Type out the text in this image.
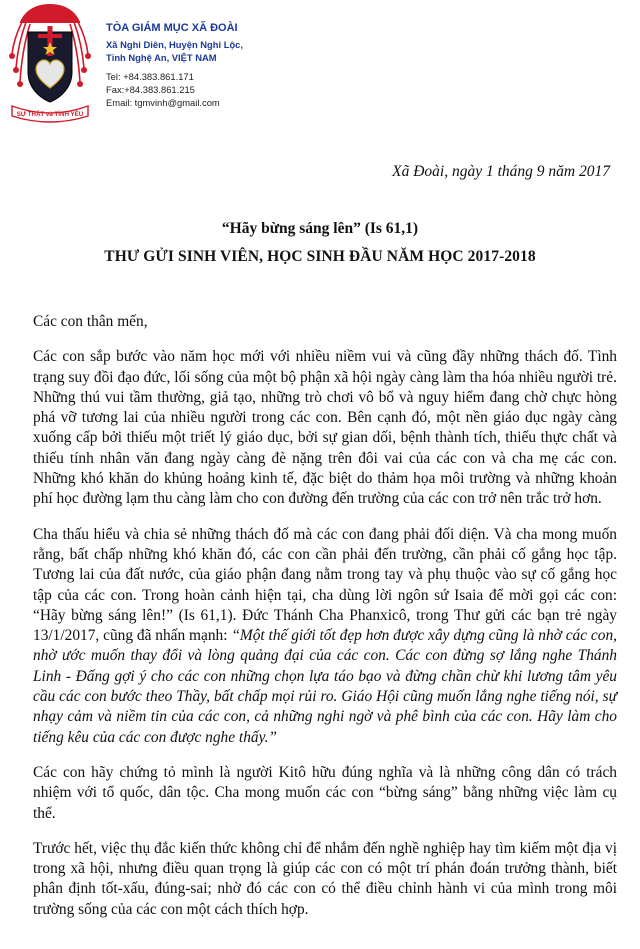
SỰ THẬT và TÌNH YÊU
TÒA GIÁM MỤC XÃ ĐOÀI
Xã Nghi Diên, Huyện Nghi Lộc,
Tỉnh Nghệ An, VIỆT NAM
Tel: +84.383.861.171
Fax:+84.383.861.215
Email: tgmvinh@gmail.com
Xã Đoài, ngày 1 tháng 9 năm 2017
“Hãy bừng sáng lên” (Is 61,1)
THƯ GỬI SINH VIÊN, HỌC SINH ĐẦU NĂM HỌC 2017-2018

Các con thân mến,

Các con sắp bước vào năm học mới với nhiều niềm vui và cũng đầy những thách đố. Tình trạng suy đồi đạo đức, lối sống của một bộ phận xã hội ngày càng làm tha hóa nhiều người trẻ. Những thú vui tầm thường, giả tạo, những trò chơi vô bổ và nguy hiểm đang chờ chực hòng phá vỡ tương lai của nhiều người trong các con. Bên cạnh đó, một nền giáo dục ngày càng xuống cấp bởi thiếu một triết lý giáo dục, bởi sự gian dối, bệnh thành tích, thiếu thực chất và thiếu tính nhân văn đang ngày càng đè nặng trên đôi vai của các con và cha mẹ các con. Những khó khăn do khủng hoảng kinh tế, đặc biệt do thảm họa môi trường và những khoản phí học đường lạm thu càng làm cho con đường đến trường của các con trở nên trắc trở hơn.

Cha thấu hiểu và chia sẻ những thách đố mà các con đang phải đối diện. Và cha mong muốn rằng, bất chấp những khó khăn đó, các con cần phải đến trường, cần phải cố gắng học tập. Tương lai của đất nước, của giáo phận đang nằm trong tay và phụ thuộc vào sự cố gắng học tập của các con. Trong hoàn cảnh hiện tại, cha dùng lời ngôn sứ Isaia để mời gọi các con: “Hãy bừng sáng lên!” (Is 61,1). Đức Thánh Cha Phanxicô, trong Thư gửi các bạn trẻ ngày 13/1/2017, cũng đã nhấn mạnh: “Một thế giới tốt đẹp hơn được xây dựng cũng là nhờ các con, nhờ ước muốn thay đổi và lòng quảng đại của các con. Các con đừng sợ lắng nghe Thánh Linh - Đấng gợi ý cho các con những chọn lựa táo bạo và đừng chần chừ khi lương tâm yêu cầu các con bước theo Thầy, bất chấp mọi rủi ro. Giáo Hội cũng muốn lắng nghe tiếng nói, sự nhạy cảm và niềm tin của các con, cả những nghi ngờ và phê bình của các con. Hãy làm cho tiếng kêu của các con được nghe thấy.”

Các con hãy chứng tỏ mình là người Kitô hữu đúng nghĩa và là những công dân có trách nhiệm với tổ quốc, dân tộc. Cha mong muốn các con “bừng sáng” bằng những việc làm cụ thể.

Trước hết, việc thụ đắc kiến thức không chỉ để nhắm đến nghề nghiệp hay tìm kiếm một địa vị trong xã hội, nhưng điều quan trọng là giúp các con có một trí phán đoán trưởng thành, biết phân định tốt-xấu, đúng-sai; nhờ đó các con có thể điều chỉnh hành vi của mình trong môi trường sống của các con một cách thích hợp.
